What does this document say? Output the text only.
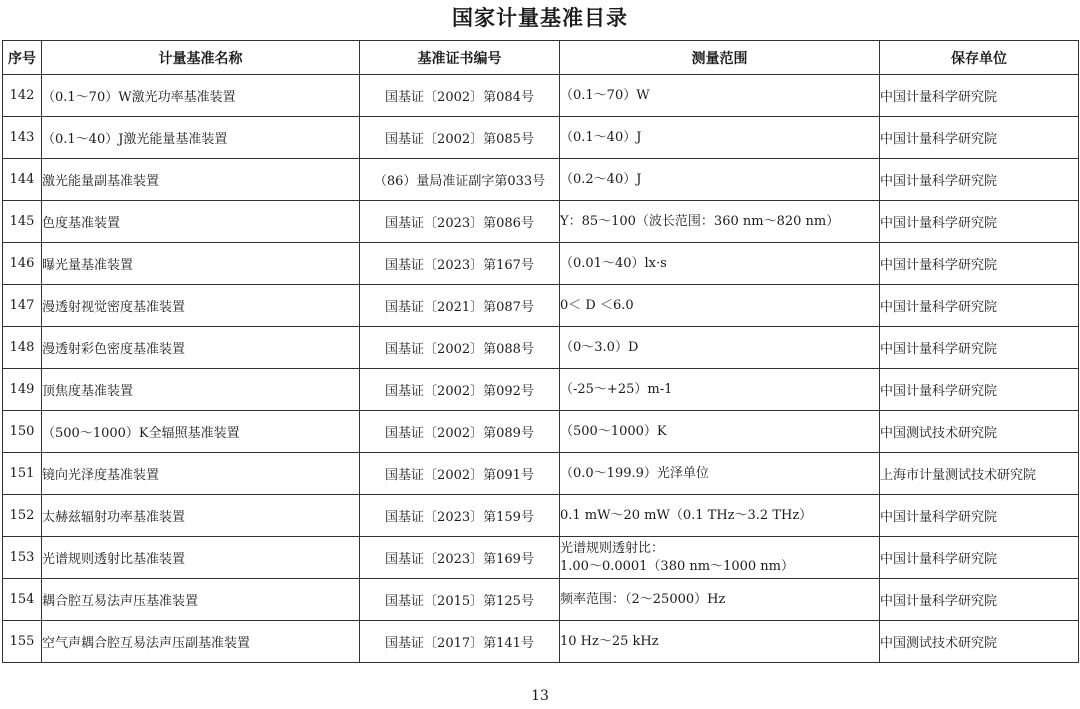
国家计量基准目录
序号	计量基准名称	基准证书编号	测量范围	保存单位
142	（0.1～70）W激光功率基准装置	国基证〔2002〕第084号	（0.1～70）W	中国计量科学研究院
143	（0.1～40）J激光能量基准装置	国基证〔2002〕第085号	（0.1～40）J	中国计量科学研究院
144	激光能量副基准装置	（86）量局准证副字第033号	（0.2～40）J	中国计量科学研究院
145	色度基准装置	国基证〔2023〕第086号	Y：85～100（波长范围：360 nm～820 nm）	中国计量科学研究院
146	曝光量基准装置	国基证〔2023〕第167号	（0.01～40）lx·s	中国计量科学研究院
147	漫透射视觉密度基准装置	国基证〔2021〕第087号	0＜ D ＜6.0	中国计量科学研究院
148	漫透射彩色密度基准装置	国基证〔2002〕第088号	（0～3.0）D	中国计量科学研究院
149	顶焦度基准装置	国基证〔2002〕第092号	（-25～+25）m-1	中国计量科学研究院
150	（500～1000）K全辐照基准装置	国基证〔2002〕第089号	（500～1000）K	中国测试技术研究院
151	镜向光泽度基准装置	国基证〔2002〕第091号	（0.0～199.9）光泽单位	上海市计量测试技术研究院
152	太赫兹辐射功率基准装置	国基证〔2023〕第159号	0.1 mW～20 mW（0.1 THz～3.2 THz）	中国计量科学研究院
153	光谱规则透射比基准装置	国基证〔2023〕第169号	光谱规则透射比：
1.00～0.0001（380 nm～1000 nm）	中国计量科学研究院
154	耦合腔互易法声压基准装置	国基证〔2015〕第125号	频率范围：（2～25000）Hz	中国计量科学研究院
155	空气声耦合腔互易法声压副基准装置	国基证〔2017〕第141号	10 Hz～25 kHz	中国测试技术研究院
13
